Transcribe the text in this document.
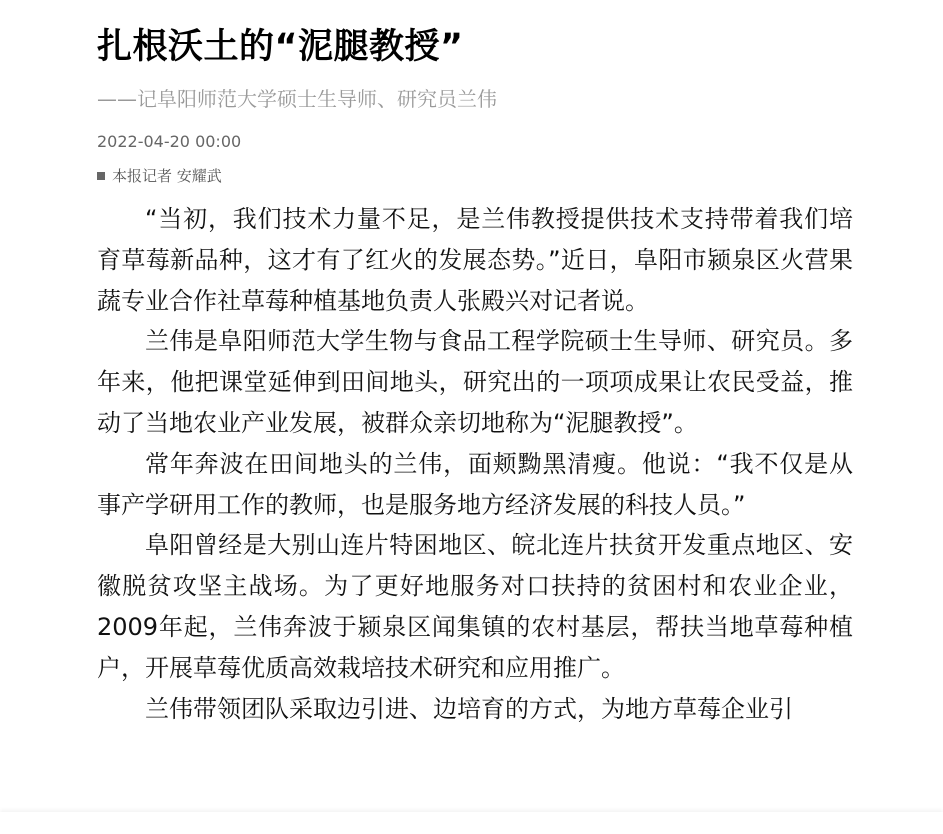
扎根沃土的“泥腿教授”
——记阜阳师范大学硕士生导师、研究员兰伟
2022-04-20 00:00
本报记者 安耀武

“当初，我们技术力量不足，是兰伟教授提供技术支持带着我们培育草莓新品种，这才有了红火的发展态势。”近日，阜阳市颍泉区火营果蔬专业合作社草莓种植基地负责人张殿兴对记者说。

兰伟是阜阳师范大学生物与食品工程学院硕士生导师、研究员。多年来，他把课堂延伸到田间地头，研究出的一项项成果让农民受益，推动了当地农业产业发展，被群众亲切地称为“泥腿教授”。

常年奔波在田间地头的兰伟，面颊黝黑清瘦。他说：“我不仅是从事产学研用工作的教师，也是服务地方经济发展的科技人员。”

阜阳曾经是大别山连片特困地区、皖北连片扶贫开发重点地区、安徽脱贫攻坚主战场。为了更好地服务对口扶持的贫困村和农业企业，2009年起，兰伟奔波于颍泉区闻集镇的农村基层，帮扶当地草莓种植户，开展草莓优质高效栽培技术研究和应用推广。

兰伟带领团队采取边引进、边培育的方式，为地方草莓企业引
